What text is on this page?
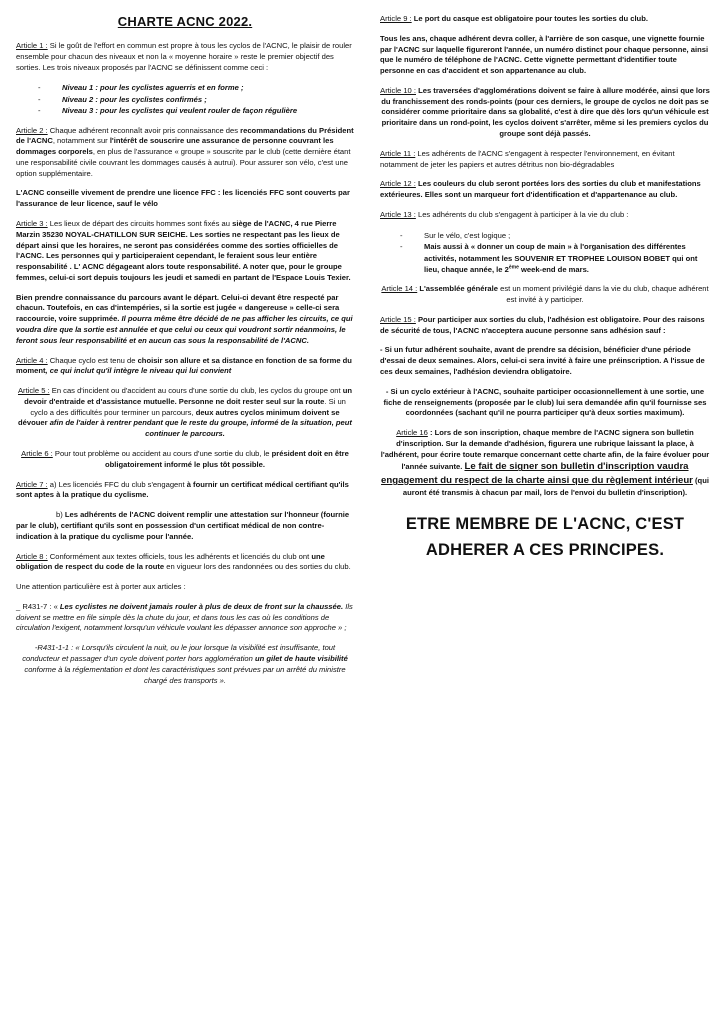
CHARTE ACNC 2022.

Article 1 : Si le goût de l'effort en commun est propre à tous les cyclos de l'ACNC, le plaisir de rouler ensemble pour chacun des niveaux et non la « moyenne horaire » reste le premier objectif des sorties. Les trois niveaux proposés par l'ACNC se définissent comme ceci :

-	Niveau 1 : pour les cyclistes aguerris et en forme ;
-	Niveau 2 : pour les cyclistes confirmés ;
-	Niveau 3 : pour les cyclistes qui veulent rouler de façon régulière

Article 2 : Chaque adhérent reconnaît avoir pris connaissance des recommandations du Président de l'ACNC, notamment sur l'intérêt de souscrire une assurance de personne couvrant les dommages corporels, en plus de l'assurance « groupe » souscrite par le club (cette dernière étant une responsabilité civile couvrant les dommages causés à autrui). Pour assurer son vélo, c'est une option supplémentaire.

L'ACNC conseille vivement de prendre une licence FFC : les licenciés FFC sont couverts par l'assurance de leur licence, sauf le vélo

Article 3 : Les lieux de départ des circuits hommes sont fixés au siège de l'ACNC, 4 rue Pierre Marzin 35230 NOYAL-CHATILLON SUR SEICHE. Les sorties ne respectant pas les lieux de départ ainsi que les horaires, ne seront pas considérées comme des sorties officielles de l'ACNC. Les personnes qui y participeraient cependant, le feraient sous leur entière responsabilité . L' ACNC dégageant alors toute responsabilité. A noter que, pour le groupe femmes, celui-ci sort depuis toujours les jeudi et samedi en partant de l'Espace Louis Texier.

Bien prendre connaissance du parcours avant le départ. Celui-ci devant être respecté par chacun. Toutefois, en cas d'intempéries, si la sortie est jugée « dangereuse » celle-ci sera raccourcie, voire supprimée. Il pourra même être décidé de ne pas afficher les circuits, ce qui voudra dire que la sortie est annulée et que celui ou ceux qui voudront sortir néanmoins, le feront sous leur responsabilité et en aucun cas sous la responsabilité de l'ACNC.

Article 4 : Chaque cyclo est tenu de choisir son allure et sa distance en fonction de sa forme du moment, ce qui inclut qu'il intègre le niveau qui lui convient

Article 5 : En cas d'incident ou d'accident au cours d'une sortie du club, les cyclos du groupe ont un devoir d'entraide et d'assistance mutuelle. Personne ne doit rester seul sur la route. Si un cyclo a des difficultés pour terminer un parcours, deux autres cyclos minimum doivent se dévouer afin de l'aider à rentrer pendant que le reste du groupe, informé de la situation, peut continuer le parcours.

Article 6 : Pour tout problème ou accident au cours d'une sortie du club, le président doit en être obligatoirement informé le plus tôt possible.

Article 7 : a) Les licenciés FFC du club s'engagent à fournir un certificat médical certifiant qu'ils sont aptes à la pratique du cyclisme.

b) Les adhérents de l'ACNC doivent remplir une attestation sur l'honneur (fournie par le club), certifiant qu'ils sont en possession d'un certificat médical de non contre-indication à la pratique du cyclisme pour l'année.

Article 8 : Conformément aux textes officiels, tous les adhérents et licenciés du club ont une obligation de respect du code de la route en vigueur lors des randonnées ou des sorties du club.

Une attention particulière est à porter aux articles :

_ R431-7 : « Les cyclistes ne doivent jamais rouler à plus de deux de front sur la chaussée. Ils doivent se mettre en file simple dès la chute du jour, et dans tous les cas où les conditions de circulation l'exigent, notamment lorsqu'un véhicule voulant les dépasser annonce son approche » ;

-R431-1-1 : « Lorsqu'ils circulent la nuit, ou le jour lorsque la visibilité est insuffisante, tout conducteur et passager d'un cycle doivent porter hors agglomération un gilet de haute visibilité conforme à la réglementation et dont les caractéristiques sont prévues par un arrêté du ministre chargé des transports ».

Article 9 : Le port du casque est obligatoire pour toutes les sorties du club.

Tous les ans, chaque adhérent devra coller, à l'arrière de son casque, une vignette fournie par l'ACNC sur laquelle figureront l'année, un numéro distinct pour chaque personne, ainsi que le numéro de téléphone de l'ACNC. Cette vignette permettant d'identifier toute personne en cas d'accident et son appartenance au club.

Article 10 : Les traversées d'agglomérations doivent se faire à allure modérée, ainsi que lors du franchissement des ronds-points (pour ces derniers, le groupe de cyclos ne doit pas se considérer comme prioritaire dans sa globalité, c'est à dire que dès lors qu'un véhicule est prioritaire dans un rond-point, les cyclos doivent s'arrêter, même si les premiers cyclos du groupe sont déjà passés.

Article 11 : Les adhérents de l'ACNC s'engagent à respecter l'environnement, en évitant notamment de jeter les papiers et autres détritus non bio-dégradables

Article 12 : Les couleurs du club seront portées lors des sorties du club et manifestations extérieures. Elles sont un marqueur fort d'identification et d'appartenance au club.

Article 13 : Les adhérents du club s'engagent à participer à la vie du club :

-	Sur le vélo, c'est logique ;
-	Mais aussi à « donner un coup de main » à l'organisation des différentes activités, notamment les SOUVENIR ET TROPHEE LOUISON BOBET qui ont lieu, chaque année, le 2ème week-end de mars.

Article 14 : L'assemblée générale est un moment privilégié dans la vie du club, chaque adhérent est invité à y participer.

Article 15 : Pour participer aux sorties du club, l'adhésion est obligatoire. Pour des raisons de sécurité de tous, l'ACNC n'acceptera aucune personne sans adhésion sauf :

- Si un futur adhérent souhaite, avant de prendre sa décision, bénéficier d'une période d'essai de deux semaines. Alors, celui-ci sera invité à faire une préinscription. A l'issue de ces deux semaines, l'adhésion deviendra obligatoire.

- Si un cyclo extérieur à l'ACNC, souhaite participer occasionnellement à une sortie, une fiche de renseignements (proposée par le club) lui sera demandée afin qu'il fournisse ses coordonnées (sachant qu'il ne pourra participer qu'à deux sorties maximum).

Article 16 : Lors de son inscription, chaque membre de l'ACNC signera son bulletin d'inscription. Sur la demande d'adhésion, figurera une rubrique laissant la place, à l'adhérent, pour écrire toute remarque concernant cette charte afin, de la faire évoluer pour l'année suivante. Le fait de signer son bulletin d'inscription vaudra engagement du respect de la charte ainsi que du règlement intérieur (qui auront été transmis à chacun par mail, lors de l'envoi du bulletin d'inscription).

ETRE MEMBRE DE L'ACNC, C'EST
ADHERER A CES PRINCIPES.
